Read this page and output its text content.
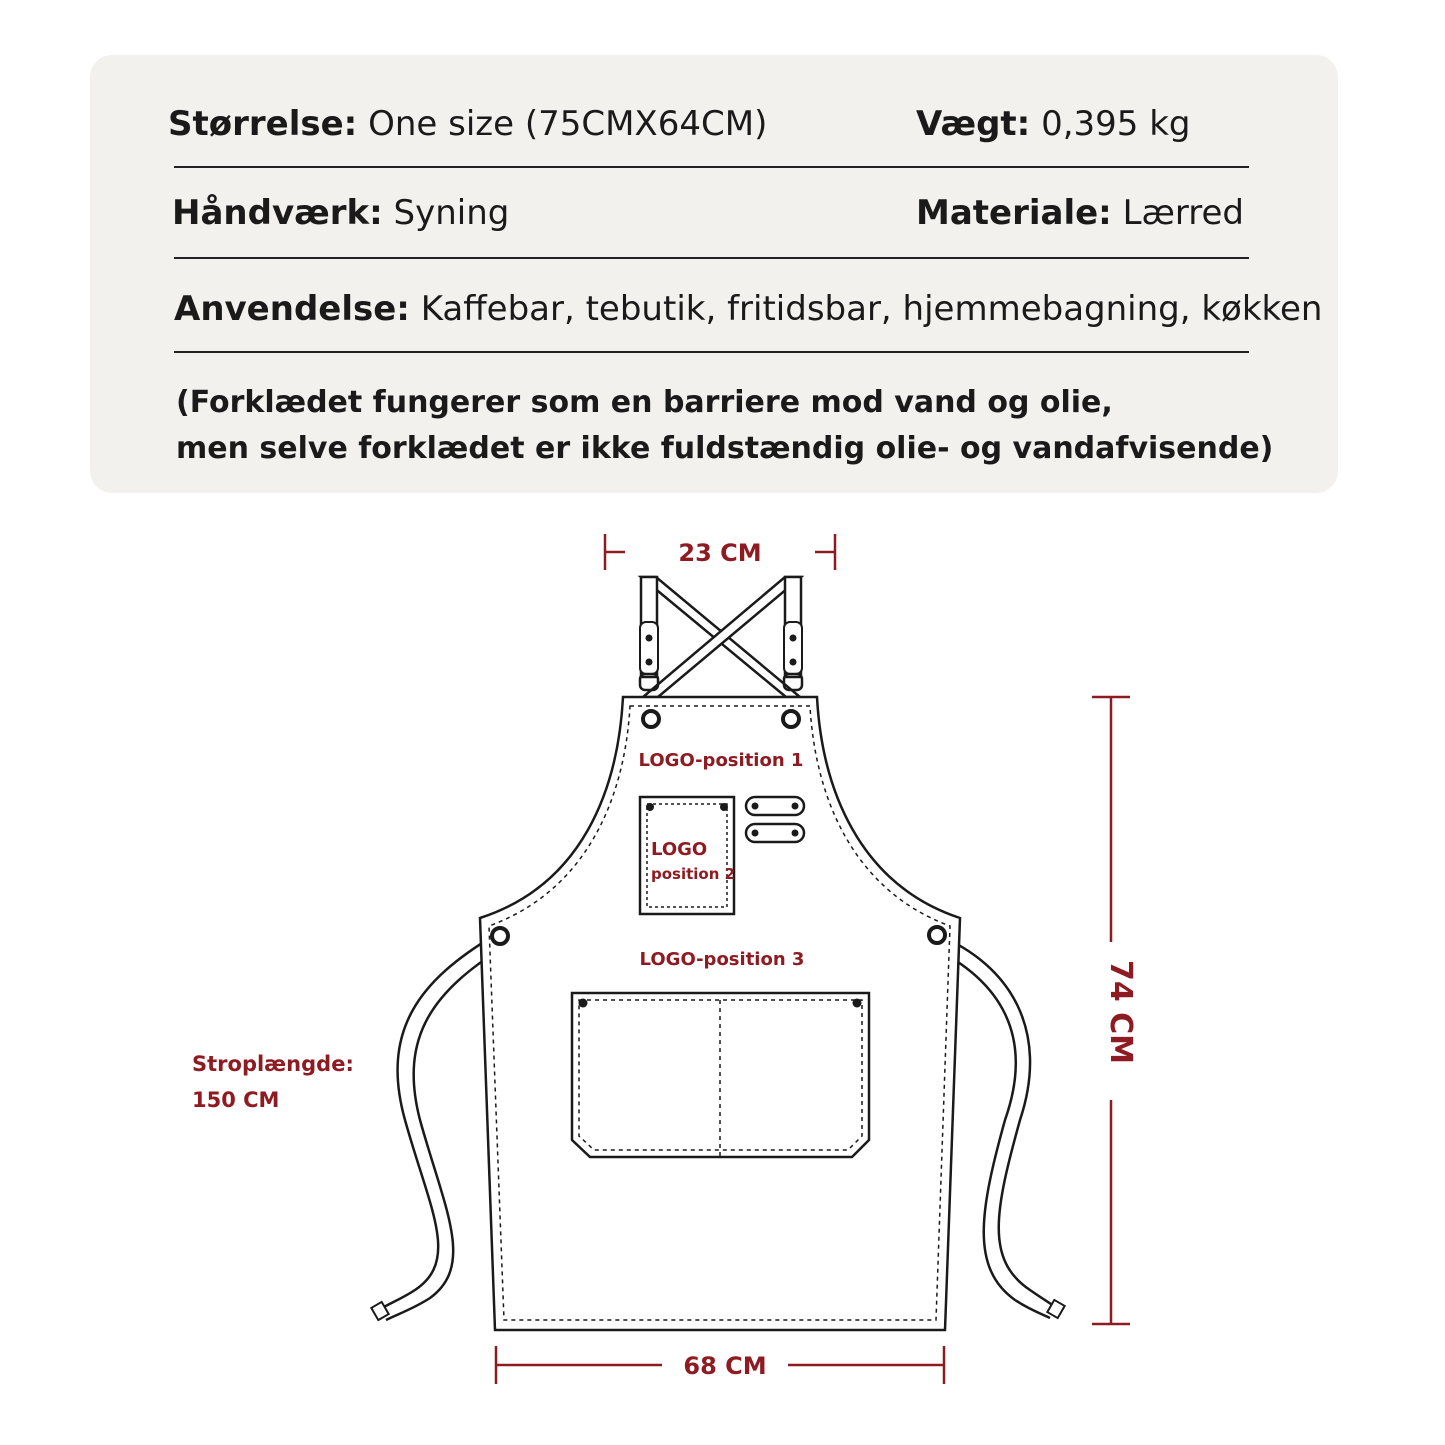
Størrelse: One size (75CMX64CM)	Vægt: 0,395 kg
Håndværk: Syning	Materiale: Lærred
Anvendelse: Kaffebar, tebutik, fritidsbar, hjemmebagning, køkken
(Forklædet fungerer som en barriere mod vand og olie,
men selve forklædet er ikke fuldstændig olie- og vandafvisende)
LOGO-position 1
LOGO
position 2
LOGO-position 3
23 CM
68 CM
74 CM
Stroplængde:
150 CM
